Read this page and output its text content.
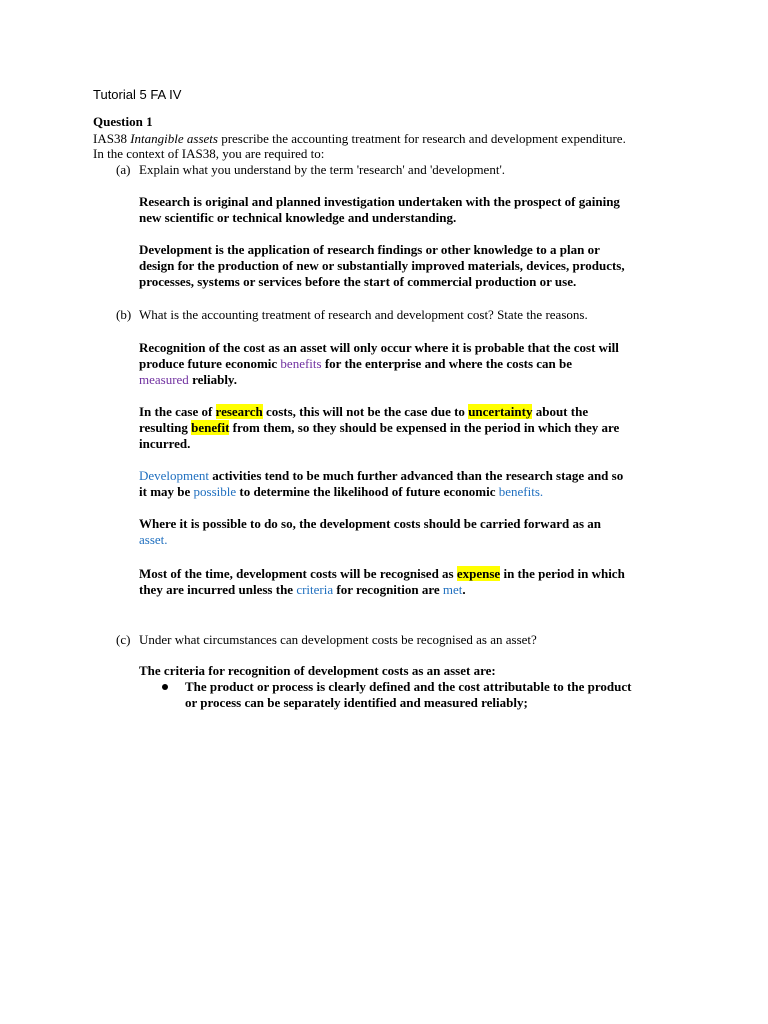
Tutorial 5 FA IV
Question 1
IAS38 Intangible assets prescribe the accounting treatment for research and development expenditure.
In the context of IAS38, you are required to:
(a) Explain what you understand by the term 'research' and 'development'.
Research is original and planned investigation undertaken with the prospect of gaining
new scientific or technical knowledge and understanding.
Development is the application of research findings or other knowledge to a plan or
design for the production of new or substantially improved materials, devices, products,
processes, systems or services before the start of commercial production or use.
(b) What is the accounting treatment of research and development cost? State the reasons.
Recognition of the cost as an asset will only occur where it is probable that the cost will
produce future economic benefits for the enterprise and where the costs can be
measured reliably.
In the case of research costs, this will not be the case due to uncertainty about the
resulting benefit from them, so they should be expensed in the period in which they are
incurred.
Development activities tend to be much further advanced than the research stage and so
it may be possible to determine the likelihood of future economic benefits.
Where it is possible to do so, the development costs should be carried forward as an
asset.
Most of the time, development costs will be recognised as expense in the period in which
they are incurred unless the criteria for recognition are met.
(c) Under what circumstances can development costs be recognised as an asset?
The criteria for recognition of development costs as an asset are:
The product or process is clearly defined and the cost attributable to the product
or process can be separately identified and measured reliably;
